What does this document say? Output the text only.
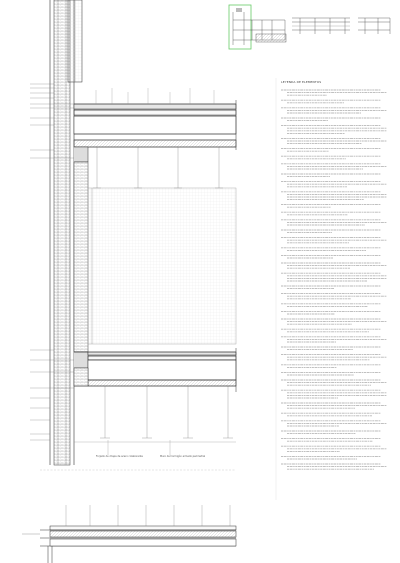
Forjado de chapa de acero colaborante	Muro de hormigón armado perimetral
LEYENDA DE ELEMENTOS
